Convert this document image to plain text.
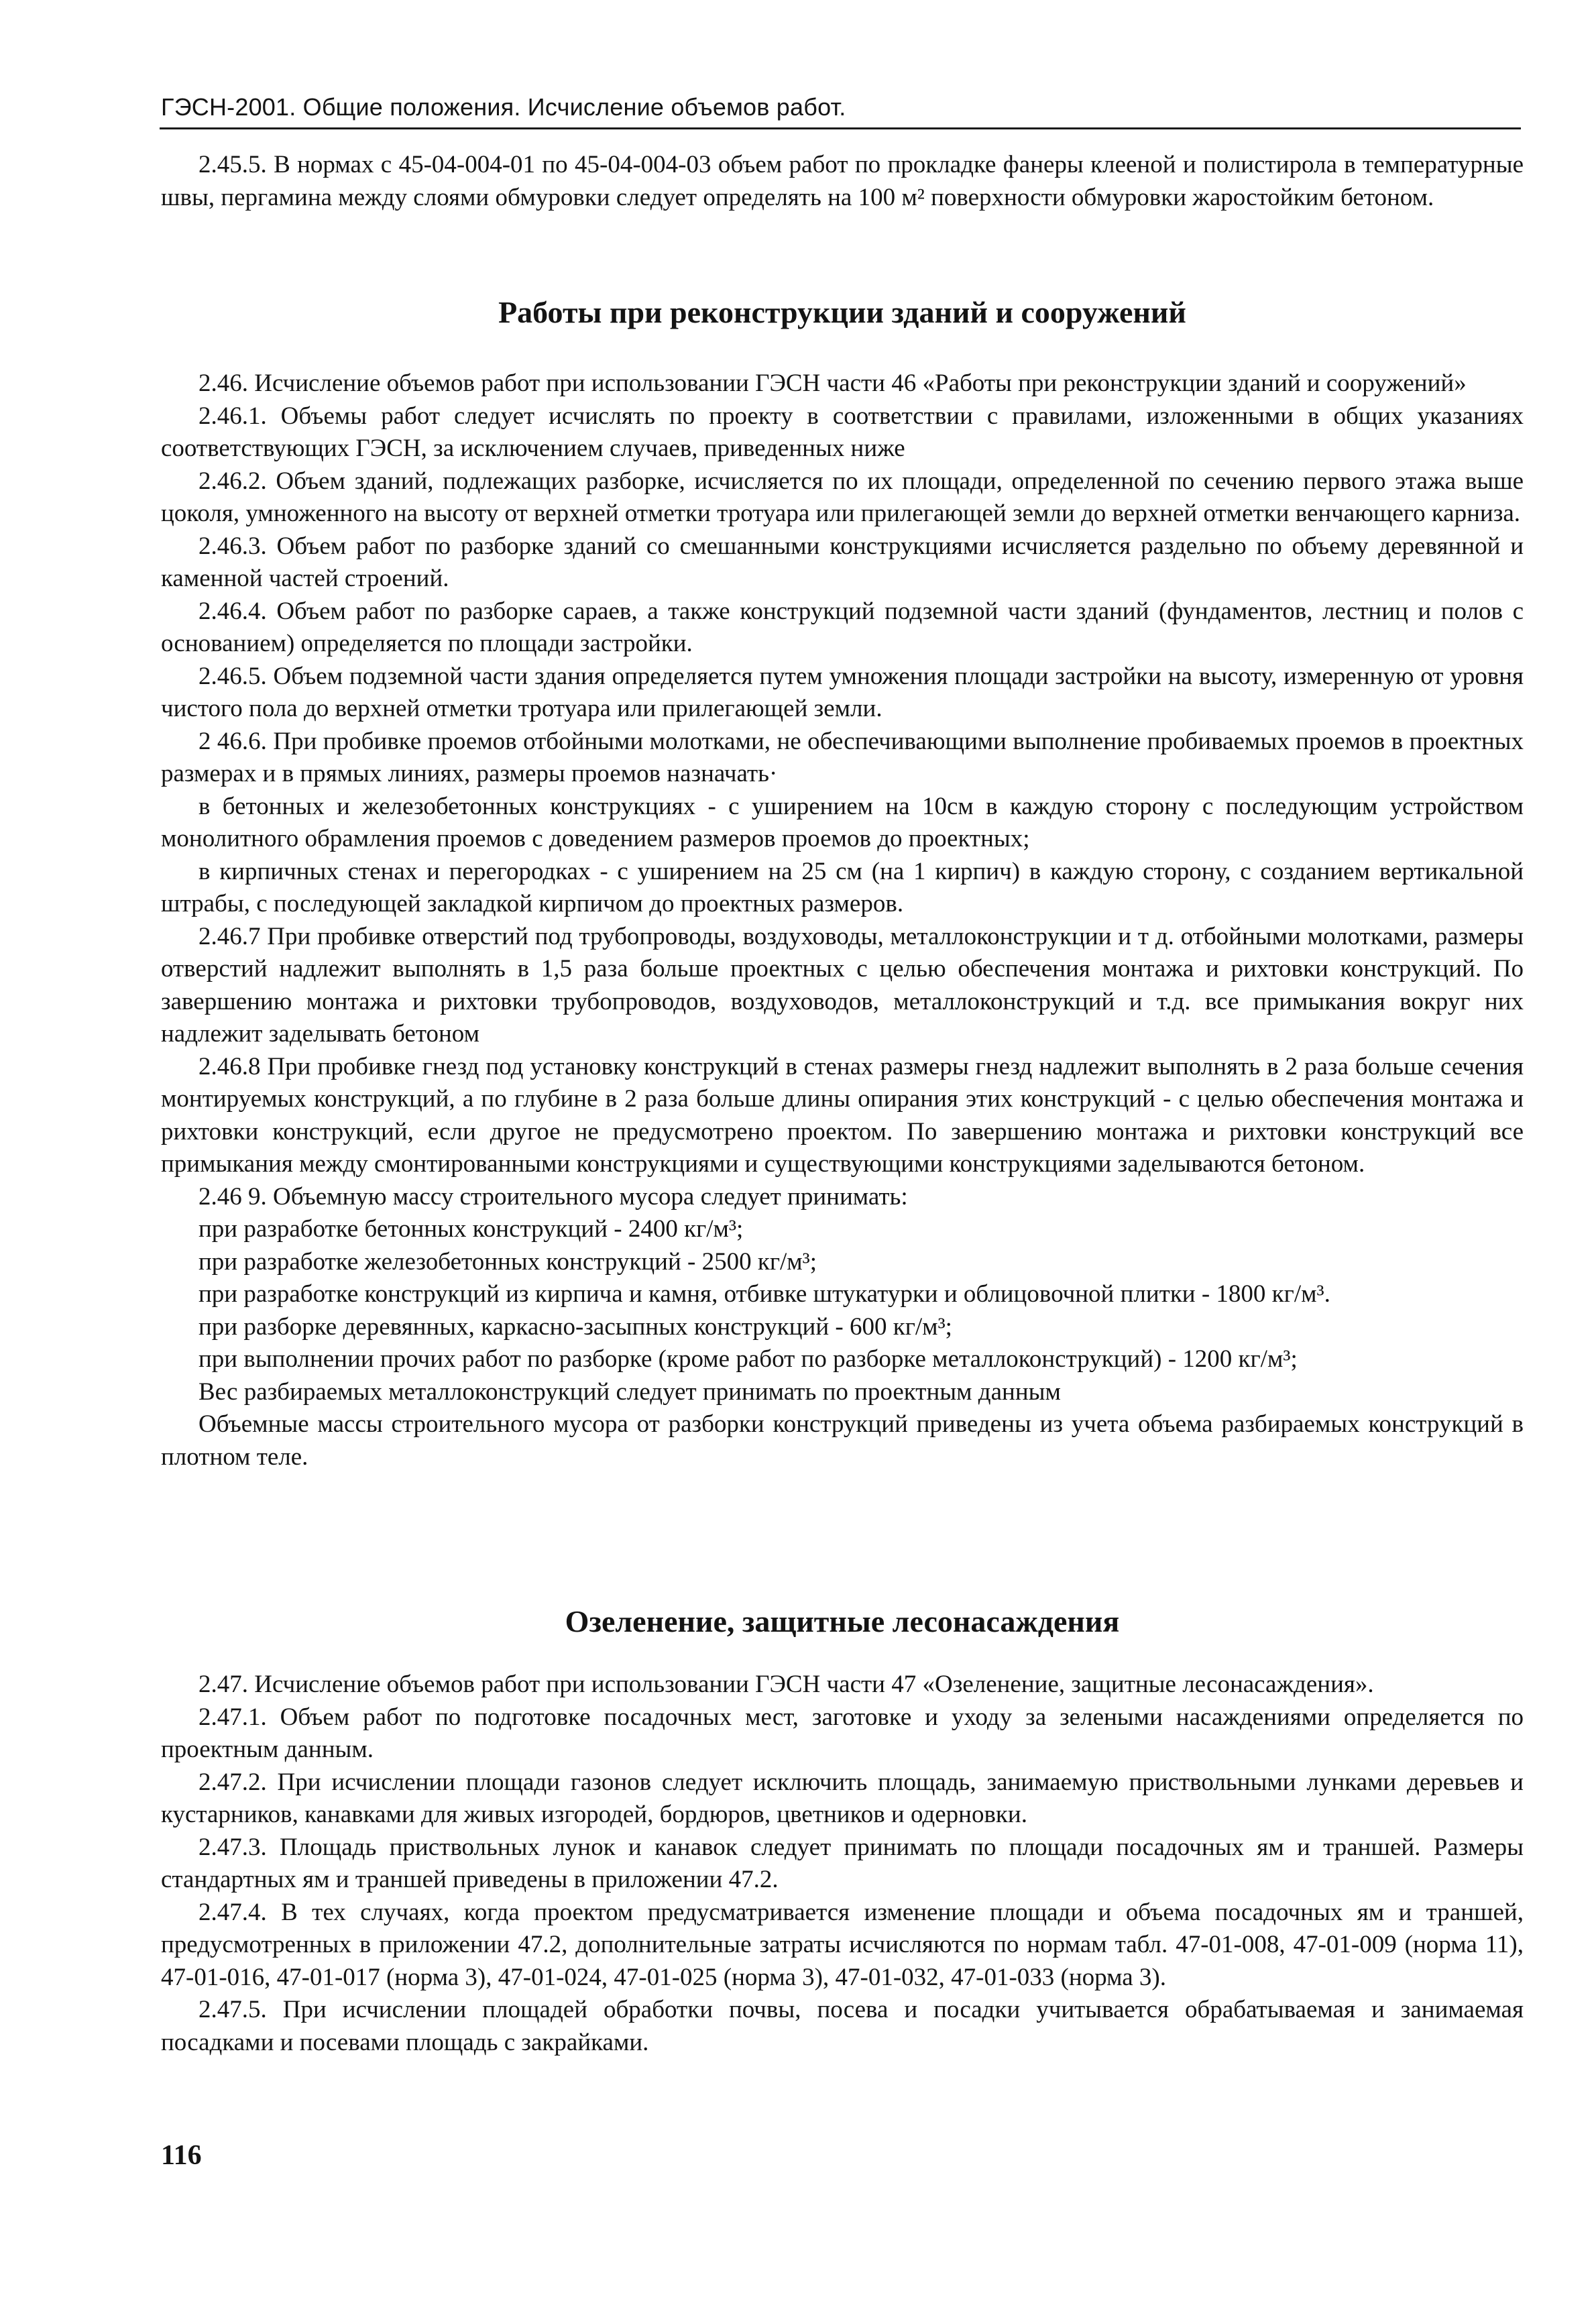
ГЭСН-2001. Общие положения. Исчисление объемов работ.

2.45.5. В нормах с 45-04-004-01 по 45-04-004-03 объем работ по прокладке фанеры клееной и полистирола в температурные швы, пергамина между слоями обмуровки следует определять на 100 м² поверхности обмуровки жаростойким бетоном.

Работы при реконструкции зданий и сооружений

2.46. Исчисление объемов работ при использовании ГЭСН части 46 «Работы при реконструкции зданий и сооружений»

2.46.1. Объемы работ следует исчислять по проекту в соответствии с правилами, изложенными в общих указаниях соответствующих ГЭСН, за исключением случаев, приведенных ниже

2.46.2. Объем зданий, подлежащих разборке, исчисляется по их площади, определенной по сечению первого этажа выше цоколя, умноженного на высоту от верхней отметки тротуара или прилегающей земли до верхней отметки венчающего карниза.

2.46.3. Объем работ по разборке зданий со смешанными конструкциями исчисляется раздельно по объему деревянной и каменной частей строений.

2.46.4. Объем работ по разборке сараев, а также конструкций подземной части зданий (фундаментов, лестниц и полов с основанием) определяется по площади застройки.

2.46.5. Объем подземной части здания определяется путем умножения площади застройки на высоту, измеренную от уровня чистого пола до верхней отметки тротуара или прилегающей земли.

2 46.6. При пробивке проемов отбойными молотками, не обеспечивающими выполнение пробиваемых проемов в проектных размерах и в прямых линиях, размеры проемов назначать·

в бетонных и железобетонных конструкциях - с уширением на 10см в каждую сторону с последующим устройством монолитного обрамления проемов с доведением размеров проемов до проектных;

в кирпичных стенах и перегородках - с уширением на 25 см (на 1 кирпич) в каждую сторону, с созданием вертикальной штрабы, с последующей закладкой кирпичом до проектных размеров.

2.46.7 При пробивке отверстий под трубопроводы, воздуховоды, металлоконструкции и т д. отбойными молотками, размеры отверстий надлежит выполнять в 1,5 раза больше проектных с целью обеспечения монтажа и рихтовки конструкций. По завершению монтажа и рихтовки трубопроводов, воздуховодов, металлоконструкций и т.д. все примыкания вокруг них надлежит заделывать бетоном

2.46.8 При пробивке гнезд под установку конструкций в стенах размеры гнезд надлежит выполнять в 2 раза больше сечения монтируемых конструкций, а по глубине в 2 раза больше длины опирания этих конструкций - с целью обеспечения монтажа и рихтовки конструкций, если другое не предусмотрено проектом. По завершению монтажа и рихтовки конструкций все примыкания между смонтированными конструкциями и существующими конструкциями заделываются бетоном.

2.46 9. Объемную массу строительного мусора следует принимать:

при разработке бетонных конструкций - 2400 кг/м³;

при разработке железобетонных конструкций - 2500 кг/м³;

при разработке конструкций из кирпича и камня, отбивке штукатурки и облицовочной плитки - 1800 кг/м³.

при разборке деревянных, каркасно-засыпных конструкций - 600 кг/м³;

при выполнении прочих работ по разборке (кроме работ по разборке металлоконструкций) - 1200 кг/м³;

Вес разбираемых металлоконструкций следует принимать по проектным данным

Объемные массы строительного мусора от разборки конструкций приведены из учета объема разбираемых конструкций в плотном теле.

Озеленение, защитные лесонасаждения

2.47. Исчисление объемов работ при использовании ГЭСН части 47 «Озеленение, защитные лесонасаждения».

2.47.1. Объем работ по подготовке посадочных мест, заготовке и уходу за зелеными насаждениями определяется по проектным данным.

2.47.2. При исчислении площади газонов следует исключить площадь, занимаемую приствольными лунками деревьев и кустарников, канавками для живых изгородей, бордюров, цветников и одерновки.

2.47.3. Площадь приствольных лунок и канавок следует принимать по площади посадочных ям и траншей. Размеры стандартных ям и траншей приведены в приложении 47.2.

2.47.4. В тех случаях, когда проектом предусматривается изменение площади и объема посадочных ям и траншей, предусмотренных в приложении 47.2, дополнительные затраты исчисляются по нормам табл. 47-01-008, 47-01-009 (норма 11), 47-01-016, 47-01-017 (норма 3), 47-01-024, 47-01-025 (норма 3), 47-01-032, 47-01-033 (норма 3).

2.47.5. При исчислении площадей обработки почвы, посева и посадки учитывается обрабатываемая и занимаемая посадками и посевами площадь с закрайками.

116
